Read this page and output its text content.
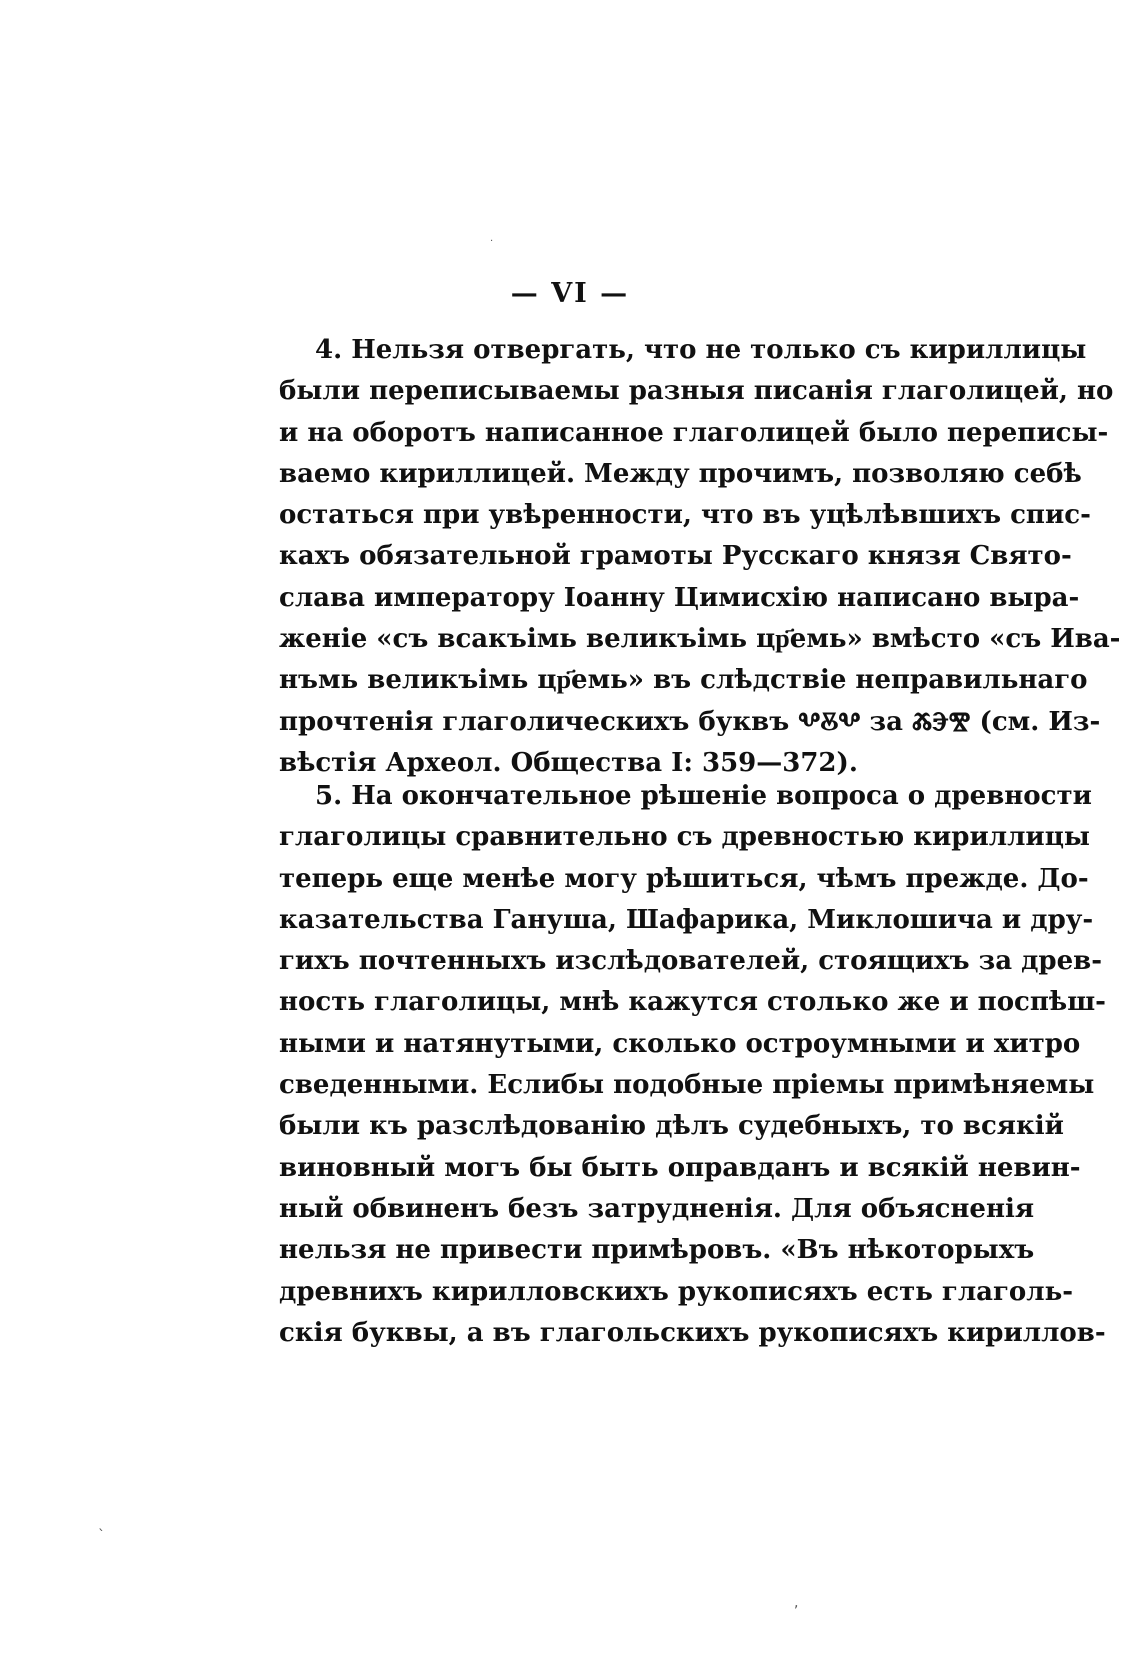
·
— VI —
4. Нельзя отвергать, что не только съ кириллицы
были переписываемы разныя писанія глаголицей, но
и на оборотъ написанное глаголицей было переписы-
ваемо кириллицей. Между прочимъ, позволяю себѣ
остаться при увѣренности, что въ уцѣлѣвшихъ спис-
кахъ обязательной грамоты Русскаго князя Свято-
слава императору Іоанну Цимисхію написано выра-
женіе «съ всакъімь великъімь цр҃емь» вмѣсто «съ Ива-
нъмь великъімь цр҃емь» въ слѣдствіе неправильнаго
прочтенія глаголическихъ буквъ ⰂⰋⰂ за ⰆⰅⰊ (см. Из-
вѣстія Археол. Общества I: 359—372).
5. На окончательное рѣшеніе вопроса о древности
глаголицы сравнительно съ древностью кириллицы
теперь еще менѣе могу рѣшиться, чѣмъ прежде. До-
казательства Гануша, Шафарика, Миклошича и дру-
гихъ почтенныхъ изслѣдователей, стоящихъ за древ-
ность глаголицы, мнѣ кажутся столько же и поспѣш-
ными и натянутыми, сколько остроумными и хитро
сведенными. Еслибы подобные пріемы примѣняемы
были къ разслѣдованію дѣлъ судебныхъ, то всякій
виновный могъ бы быть оправданъ и всякій невин-
ный обвиненъ безъ затрудненія. Для объясненія
нельзя не привести примѣровъ. «Въ нѣкоторыхъ
древнихъ кирилловскихъ рукописяхъ есть глаголь-
скія буквы, а въ глагольскихъ рукописяхъ кириллов-
`
,
